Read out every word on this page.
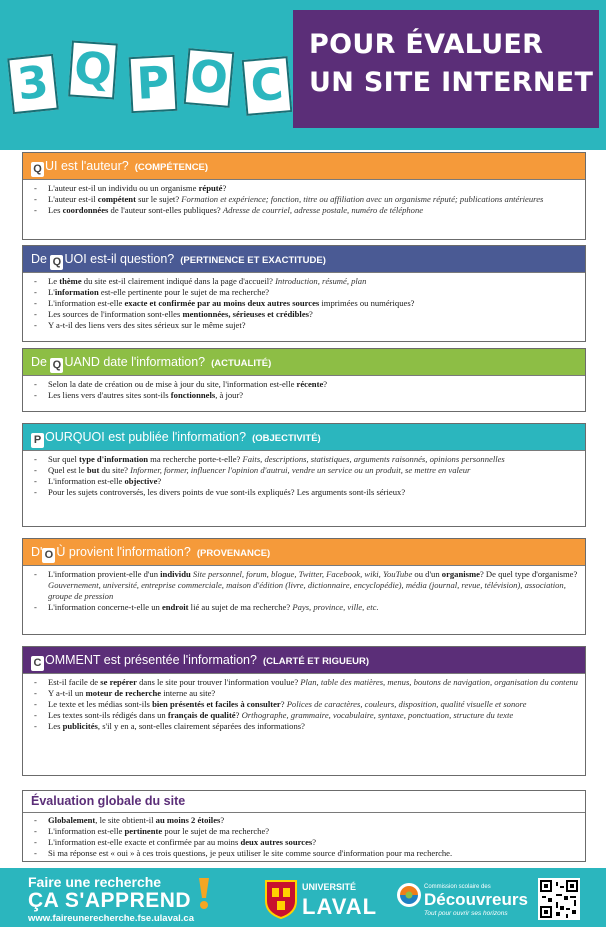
3 Q P O C
POUR ÉVALUER
UN SITE INTERNET
Q UI est l'auteur? (COMPÉTENCE)
- L'auteur est-il un individu ou un organisme réputé?
- L'auteur est-il compétent sur le sujet? Formation et expérience; fonction, titre ou affiliation avec un organisme réputé; publications antérieures
- Les coordonnées de l'auteur sont-elles publiques? Adresse de courriel, adresse postale, numéro de téléphone
De Q UOI est-il question? (PERTINENCE ET EXACTITUDE)
- Le thème du site est-il clairement indiqué dans la page d'accueil? Introduction, résumé, plan
- L'information est-elle pertinente pour le sujet de ma recherche?
- L'information est-elle exacte et confirmée par au moins deux autres sources imprimées ou numériques?
- Les sources de l'information sont-elles mentionnées, sérieuses et crédibles?
- Y a-t-il des liens vers des sites sérieux sur le même sujet?
De Q UAND date l'information? (ACTUALITÉ)
- Selon la date de création ou de mise à jour du site, l'information est-elle récente?
- Les liens vers d'autres sites sont-ils fonctionnels, à jour?
P OURQUOI est publiée l'information? (OBJECTIVITÉ)
- Sur quel type d'information ma recherche porte-t-elle? Faits, descriptions, statistiques, arguments raisonnés, opinions personnelles
- Quel est le but du site? Informer, former, influencer l'opinion d'autrui, vendre un service ou un produit, se mettre en valeur
- L'information est-elle objective?
- Pour les sujets controversés, les divers points de vue sont-ils expliqués? Les arguments sont-ils sérieux?
D' O Ù provient l'information? (PROVENANCE)
- L'information provient-elle d'un individu Site personnel, forum, blogue, Twitter, Facebook, wiki, YouTube ou d'un organisme? De quel type d'organisme? Gouvernement, université, entreprise commerciale, maison d'édition (livre, dictionnaire, encyclopédie), média (journal, revue, télévision), association, groupe de pression
- L'information concerne-t-elle un endroit lié au sujet de ma recherche? Pays, province, ville, etc.
C OMMENT est présentée l'information? (CLARTÉ ET RIGUEUR)
- Est-il facile de se repérer dans le site pour trouver l'information voulue? Plan, table des matières, menus, boutons de navigation, organisation du contenu
- Y a-t-il un moteur de recherche interne au site?
- Le texte et les médias sont-ils bien présentés et faciles à consulter? Polices de caractères, couleurs, disposition, qualité visuelle et sonore
- Les textes sont-ils rédigés dans un français de qualité? Orthographe, grammaire, vocabulaire, syntaxe, ponctuation, structure du texte
- Les publicités, s'il y en a, sont-elles clairement séparées des informations?
Évaluation globale du site
- Globalement, le site obtient-il au moins 2 étoiles?
- L'information est-elle pertinente pour le sujet de ma recherche?
- L'information est-elle exacte et confirmée par au moins deux autres sources?
- Si ma réponse est « oui » à ces trois questions, je peux utiliser le site comme source d'information pour ma recherche.
Faire une recherche
ÇA S'APPREND
www.faireunerecherche.fse.ulaval.ca
UNIVERSITÉ
LAVAL
Commission scolaire des
Découvreurs
Tout pour ouvrir ses horizons
